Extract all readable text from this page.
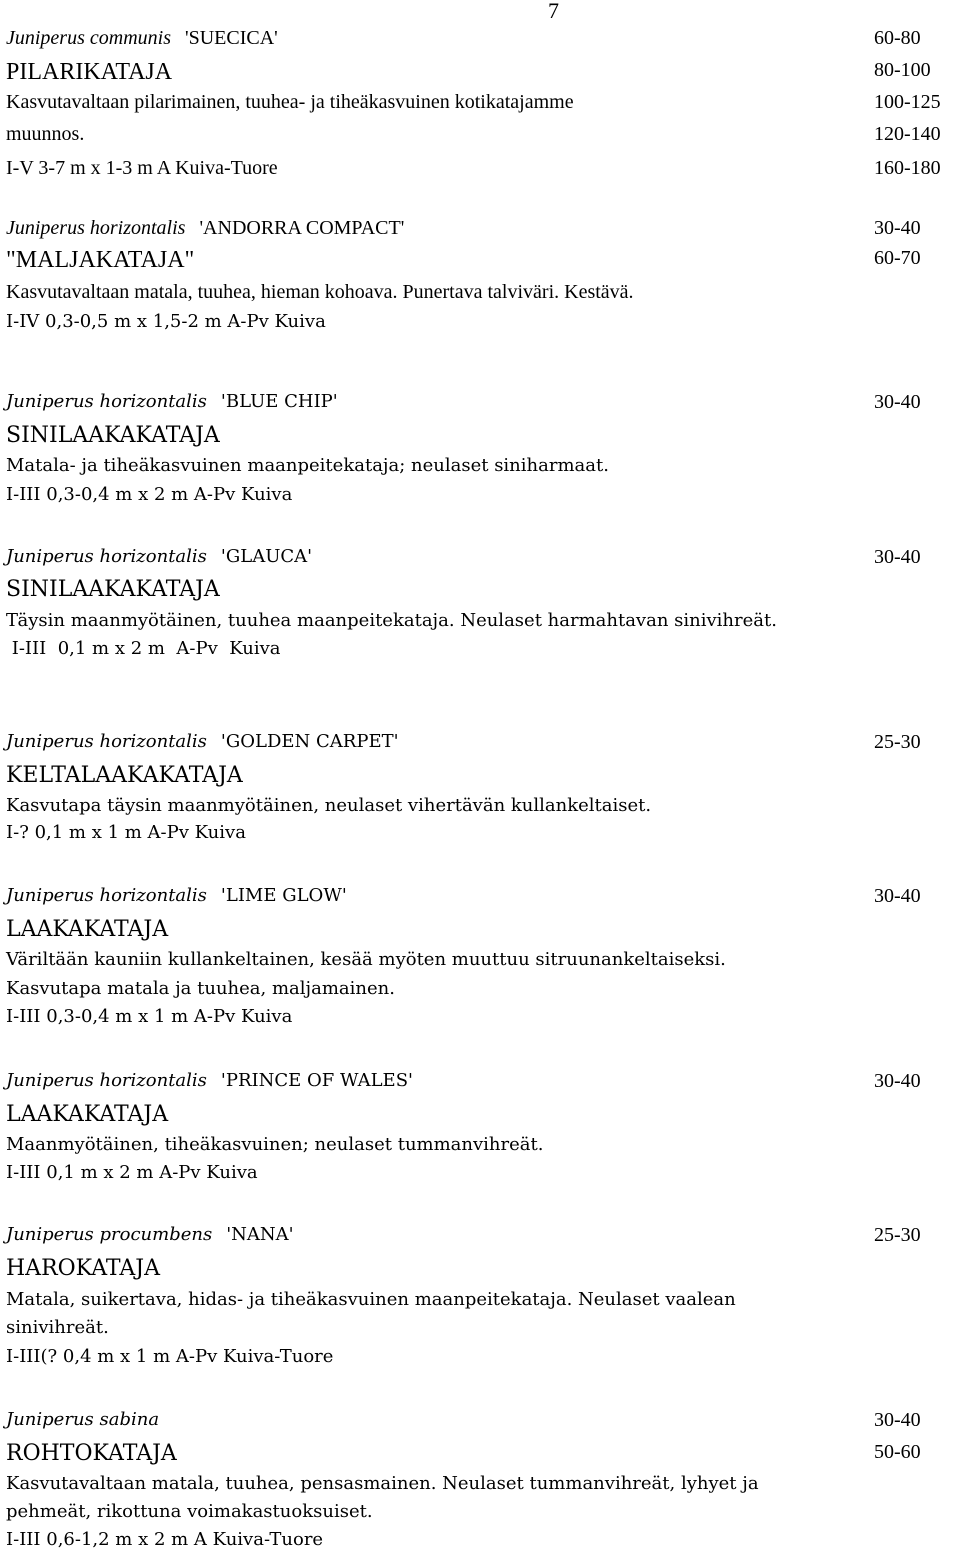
7
Juniperus communis 'SUECICA'
PILARIKATAJA
Kasvutavaltaan pilarimainen, tuuhea- ja tiheäkasvuinen kotikatajamme
muunnos.
I-V 3-7 m x 1-3 m A Kuiva-Tuore
60-80
80-100
100-125
120-140
160-180
Juniperus horizontalis 'ANDORRA COMPACT'
"MALJAKATAJA"
Kasvutavaltaan matala, tuuhea, hieman kohoava. Punertava talviväri. Kestävä.
I-IV 0,3-0,5 m x 1,5-2 m A-Pv Kuiva
30-40
60-70
Juniperus horizontalis 'BLUE CHIP'
SINILAAKAKATAJA
Matala- ja tiheäkasvuinen maanpeitekataja; neulaset siniharmaat.
I-III 0,3-0,4 m x 2 m A-Pv Kuiva
30-40
Juniperus horizontalis 'GLAUCA'
SINILAAKAKATAJA
Täysin maanmyötäinen, tuuhea maanpeitekataja. Neulaset harmahtavan sinivihreät.
I-III  0,1 m x 2 m  A-Pv  Kuiva
30-40
Juniperus horizontalis 'GOLDEN CARPET'
KELTALAAKAKATAJA
Kasvutapa täysin maanmyötäinen, neulaset vihertävän kullankeltaiset.
I-? 0,1 m x 1 m A-Pv Kuiva
25-30
Juniperus horizontalis 'LIME GLOW'
LAAKAKATAJA
Väriltään kauniin kullankeltainen, kesää myöten muuttuu sitruunankeltaiseksi.
Kasvutapa matala ja tuuhea, maljamainen.
I-III 0,3-0,4 m x 1 m A-Pv Kuiva
30-40
Juniperus horizontalis 'PRINCE OF WALES'
LAAKAKATAJA
Maanmyötäinen, tiheäkasvuinen; neulaset tummanvihreät.
I-III 0,1 m x 2 m A-Pv Kuiva
30-40
Juniperus procumbens 'NANA'
HAROKATAJA
Matala, suikertava, hidas- ja tiheäkasvuinen maanpeitekataja. Neulaset vaalean
sinivihreät.
I-III(? 0,4 m x 1 m A-Pv Kuiva-Tuore
25-30
Juniperus sabina
ROHTOKATAJA
Kasvutavaltaan matala, tuuhea, pensasmainen. Neulaset tummanvihreät, lyhyet ja
pehmeät, rikottuna voimakastuoksuiset.
I-III 0,6-1,2 m x 2 m A Kuiva-Tuore
30-40
50-60
